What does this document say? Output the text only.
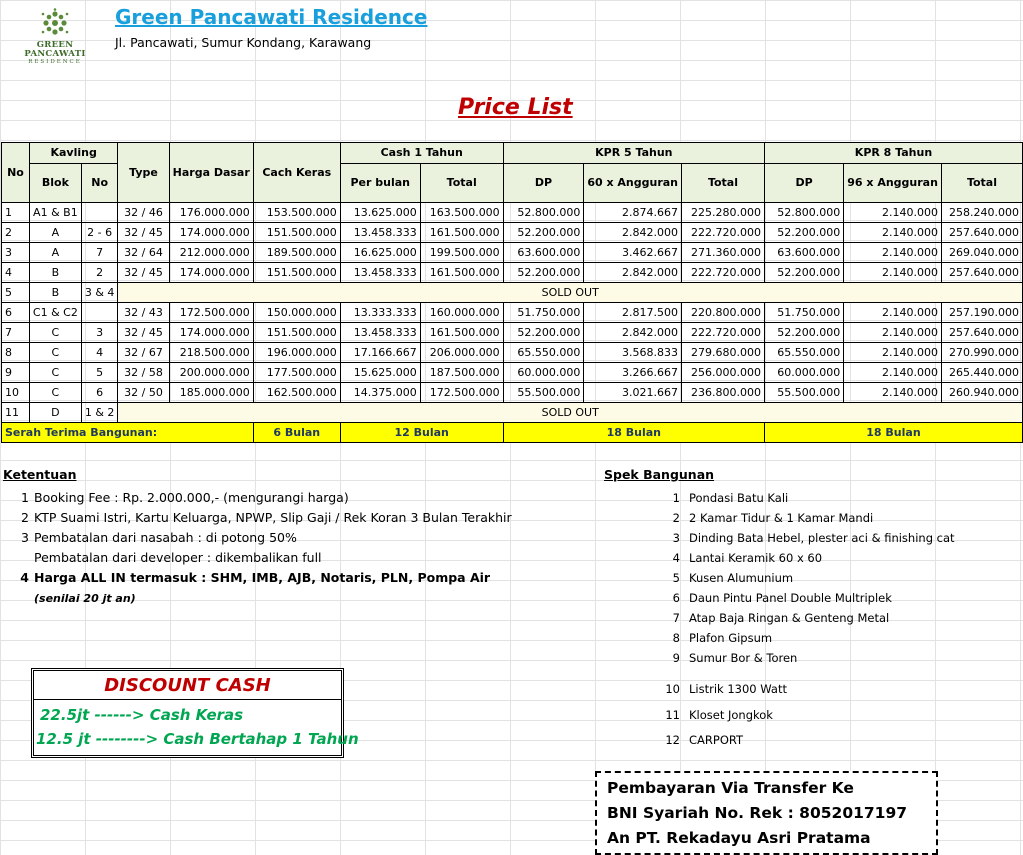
GREEN
PANCAWATI
RESIDENCE
Green Pancawati Residence
Jl. Pancawati, Sumur Kondang, Karawang
Price List
No	Kavling		Type	Harga Dasar	Cach Keras	Cash 1 Tahun		KPR 5 Tahun			KPR 8 Tahun		
	Blok	No				Per bulan	Total	DP	60 x Angguran	Total	DP	96 x Angguran	Total
1	A1 & B1		32 / 46	176.000.000	153.500.000	13.625.000	163.500.000	52.800.000	2.874.667	225.280.000	52.800.000	2.140.000	258.240.000
2	A	2 - 6	32 / 45	174.000.000	151.500.000	13.458.333	161.500.000	52.200.000	2.842.000	222.720.000	52.200.000	2.140.000	257.640.000
3	A	7	32 / 64	212.000.000	189.500.000	16.625.000	199.500.000	63.600.000	3.462.667	271.360.000	63.600.000	2.140.000	269.040.000
4	B	2	32 / 45	174.000.000	151.500.000	13.458.333	161.500.000	52.200.000	2.842.000	222.720.000	52.200.000	2.140.000	257.640.000
5	B	3 & 4	SOLD OUT										
6	C1 & C2		32 / 43	172.500.000	150.000.000	13.333.333	160.000.000	51.750.000	2.817.500	220.800.000	51.750.000	2.140.000	257.190.000
7	C	3	32 / 45	174.000.000	151.500.000	13.458.333	161.500.000	52.200.000	2.842.000	222.720.000	52.200.000	2.140.000	257.640.000
8	C	4	32 / 67	218.500.000	196.000.000	17.166.667	206.000.000	65.550.000	3.568.833	279.680.000	65.550.000	2.140.000	270.990.000
9	C	5	32 / 58	200.000.000	177.500.000	15.625.000	187.500.000	60.000.000	3.266.667	256.000.000	60.000.000	2.140.000	265.440.000
10	C	6	32 / 50	185.000.000	162.500.000	14.375.000	172.500.000	55.500.000	3.021.667	236.800.000	55.500.000	2.140.000	260.940.000
11	D	1 & 2	SOLD OUT										
Serah Terima Bangunan:					6 Bulan	12 Bulan		18 Bulan			18 Bulan		
Ketentuan
1 Booking Fee : Rp. 2.000.000,- (mengurangi harga)
2 KTP Suami Istri, Kartu Keluarga, NPWP, Slip Gaji / Rek Koran 3 Bulan Terakhir
3 Pembatalan dari nasabah : di potong 50%
Pembatalan dari developer : dikembalikan full
4 Harga ALL IN termasuk : SHM, IMB, AJB, Notaris, PLN, Pompa Air
(senilai 20 jt an)
Spek Bangunan
1 Pondasi Batu Kali
2 2 Kamar Tidur & 1 Kamar Mandi
3 Dinding Bata Hebel, plester aci & finishing cat
4 Lantai Keramik 60 x 60
5 Kusen Alumunium
6 Daun Pintu Panel Double Multriplek
7 Atap Baja Ringan & Genteng Metal
8 Plafon Gipsum
9 Sumur Bor & Toren
10 Listrik 1300 Watt
11 Kloset Jongkok
12 CARPORT
DISCOUNT CASH
22.5jt ------> Cash Keras
12.5 jt --------> Cash Bertahap 1 Tahun
Pembayaran Via Transfer Ke
BNI Syariah No. Rek : 8052017197
An PT. Rekadayu Asri Pratama
